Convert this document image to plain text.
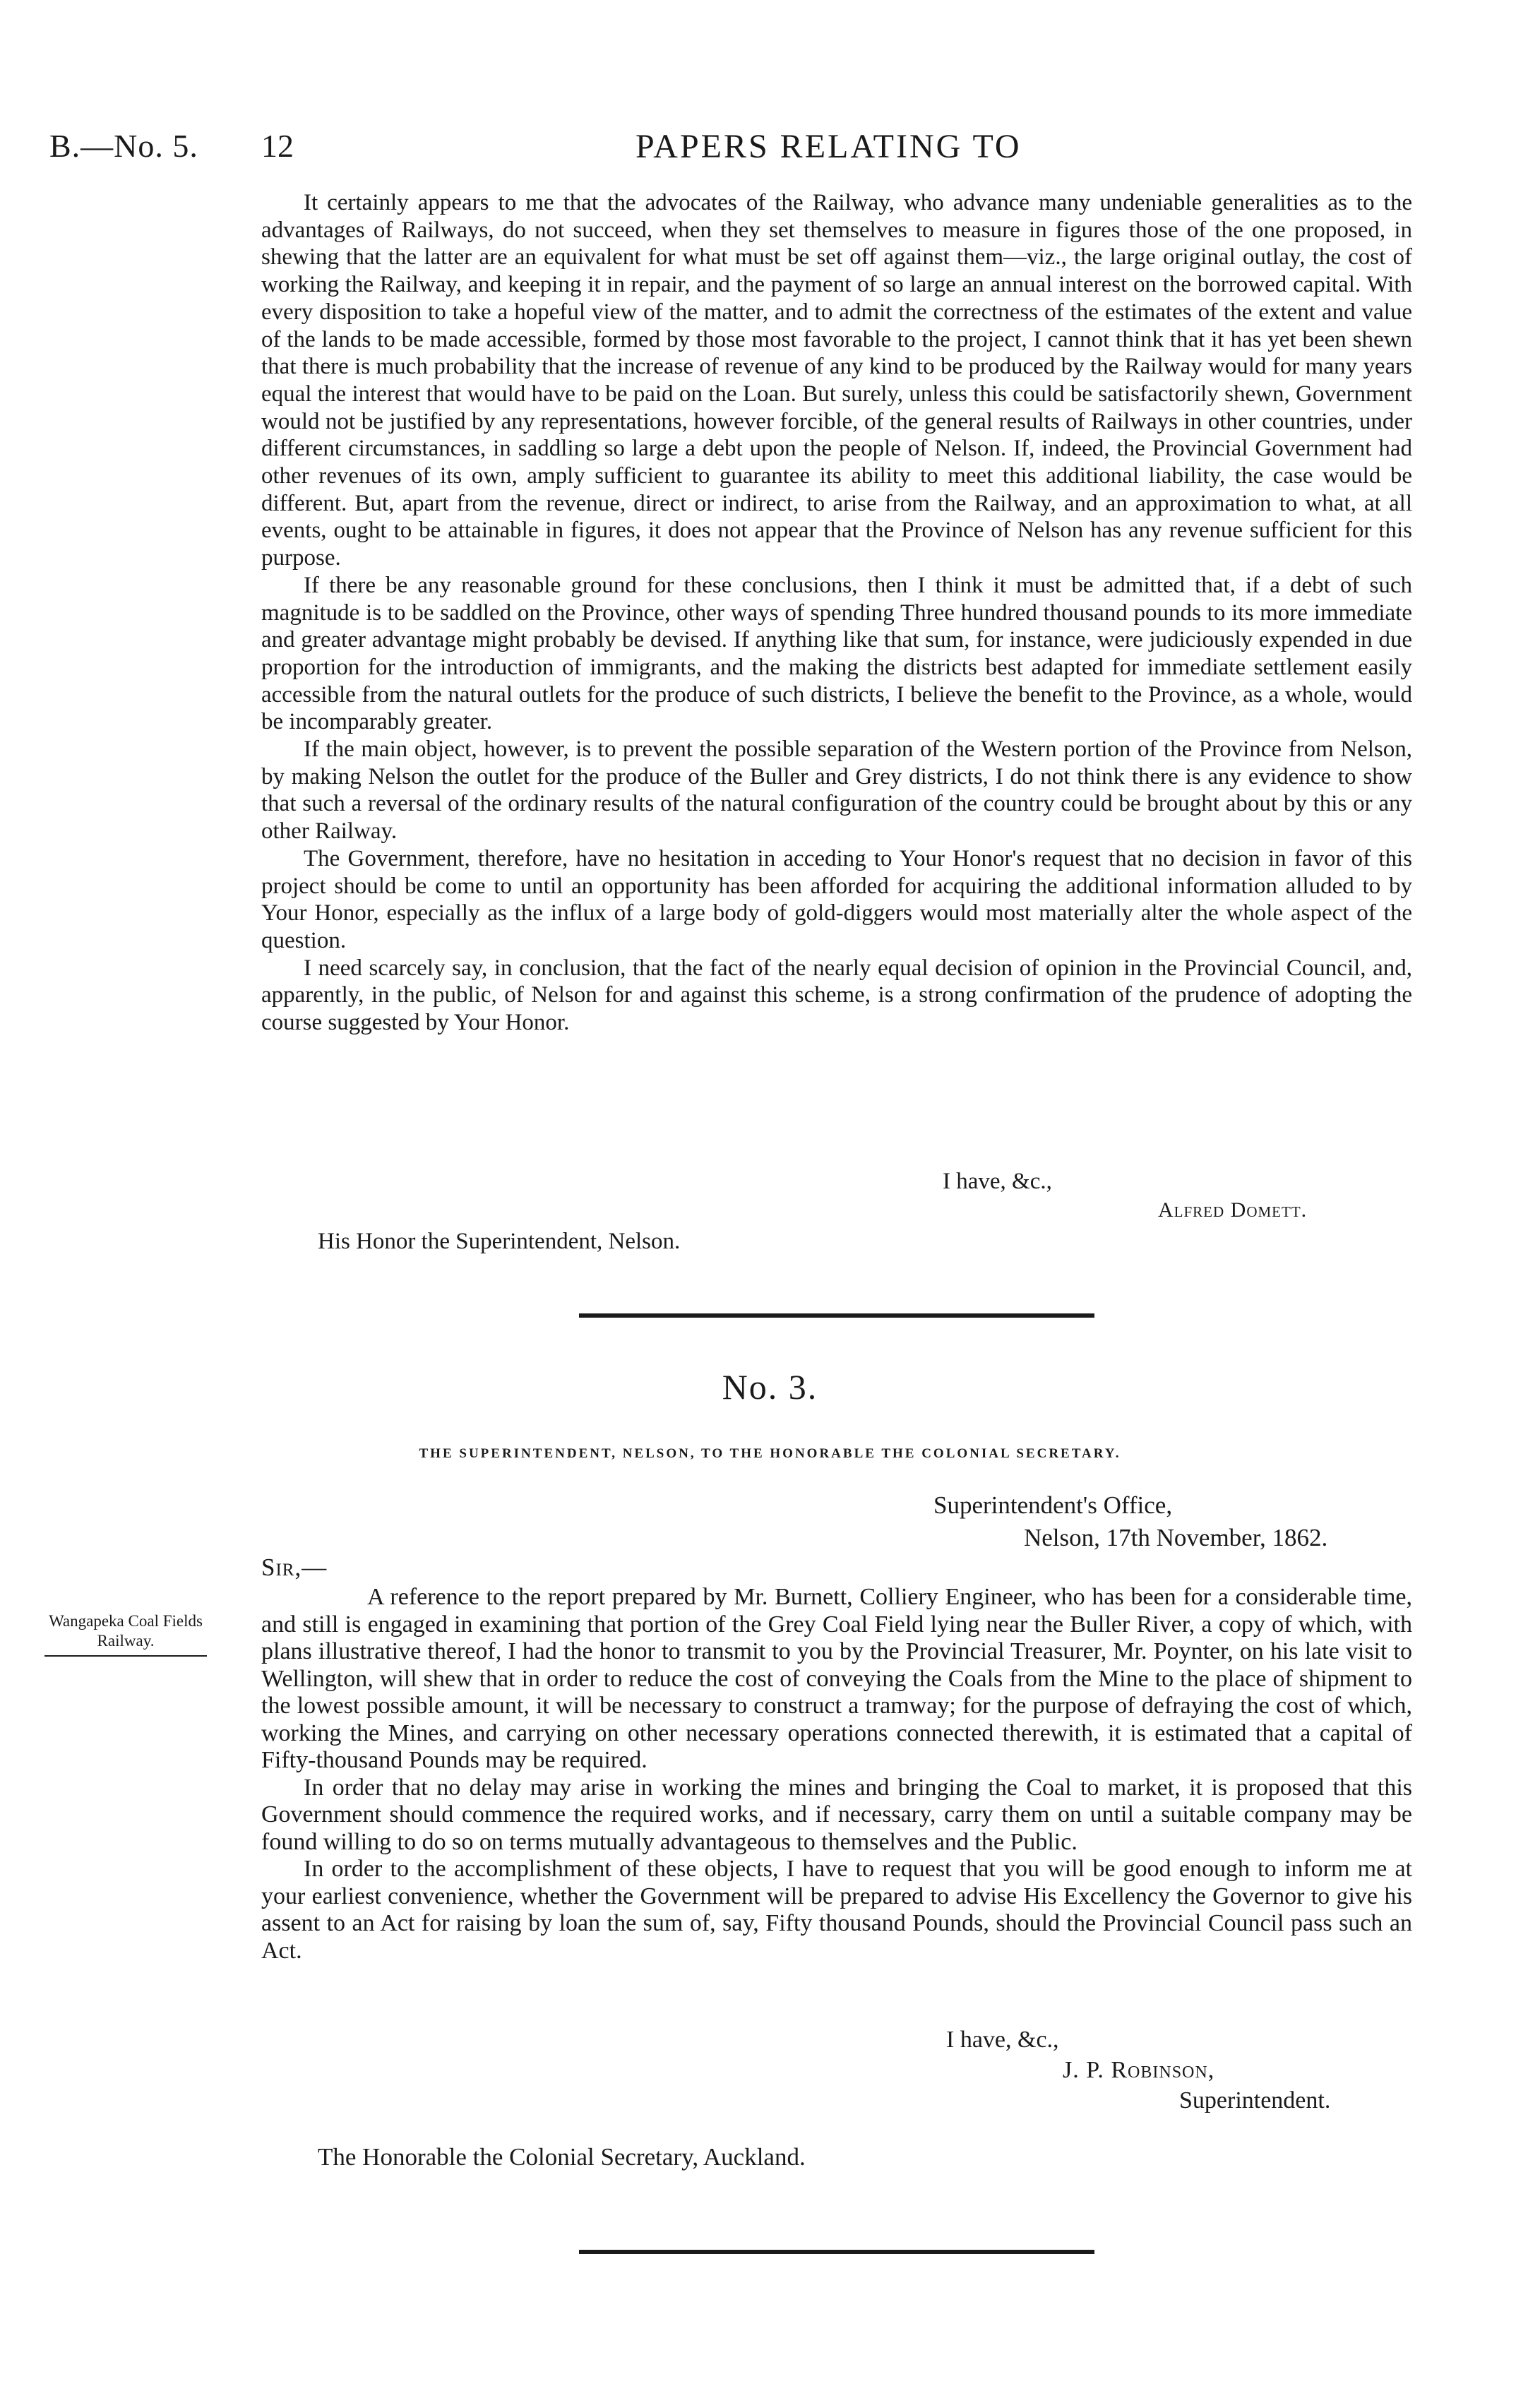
B.—No. 5. 12	PAPERS RELATING TO

It certainly appears to me that the advocates of the Railway, who advance many undeniable generalities as to the advantages of Railways, do not succeed, when they set themselves to measure in figures those of the one proposed, in shewing that the latter are an equivalent for what must be set off against them—viz., the large original outlay, the cost of working the Railway, and keeping it in repair, and the payment of so large an annual interest on the borrowed capital. With every disposition to take a hopeful view of the matter, and to admit the correctness of the estimates of the extent and value of the lands to be made accessible, formed by those most favorable to the project, I cannot think that it has yet been shewn that there is much probability that the increase of revenue of any kind to be produced by the Railway would for many years equal the interest that would have to be paid on the Loan. But surely, unless this could be satisfactorily shewn, Government would not be justified by any representations, however forcible, of the general results of Railways in other countries, under different circumstances, in saddling so large a debt upon the people of Nelson. If, indeed, the Provincial Government had other revenues of its own, amply sufficient to guarantee its ability to meet this additional liability, the case would be different. But, apart from the revenue, direct or indirect, to arise from the Railway, and an approximation to what, at all events, ought to be attainable in figures, it does not appear that the Province of Nelson has any revenue sufficient for this purpose.

If there be any reasonable ground for these conclusions, then I think it must be admitted that, if a debt of such magnitude is to be saddled on the Province, other ways of spending Three hundred thousand pounds to its more immediate and greater advantage might probably be devised. If anything like that sum, for instance, were judiciously expended in due proportion for the introduction of immigrants, and the making the districts best adapted for immediate settlement easily accessible from the natural outlets for the produce of such districts, I believe the benefit to the Province, as a whole, would be incomparably greater.

If the main object, however, is to prevent the possible separation of the Western portion of the Province from Nelson, by making Nelson the outlet for the produce of the Buller and Grey districts, I do not think there is any evidence to show that such a reversal of the ordinary results of the natural configuration of the country could be brought about by this or any other Railway.

The Government, therefore, have no hesitation in acceding to Your Honor's request that no decision in favor of this project should be come to until an opportunity has been afforded for acquiring the additional information alluded to by Your Honor, especially as the influx of a large body of gold-diggers would most materially alter the whole aspect of the question.

I need scarcely say, in conclusion, that the fact of the nearly equal decision of opinion in the Provincial Council, and, apparently, in the public, of Nelson for and against this scheme, is a strong confirmation of the prudence of adopting the course suggested by Your Honor.

I have, &c.,
Alfred Domett.
His Honor the Superintendent, Nelson.
No. 3.
THE SUPERINTENDENT, NELSON, TO THE HONORABLE THE COLONIAL SECRETARY.
Superintendent's Office,
Nelson, 17th November, 1862.
Sir,—
Wangapeka Coal Fields Railway.

A reference to the report prepared by Mr. Burnett, Colliery Engineer, who has been for a considerable time, and still is engaged in examining that portion of the Grey Coal Field lying near the Buller River, a copy of which, with plans illustrative thereof, I had the honor to transmit to you by the Provincial Treasurer, Mr. Poynter, on his late visit to Wellington, will shew that in order to reduce the cost of conveying the Coals from the Mine to the place of shipment to the lowest possible amount, it will be necessary to construct a tramway; for the purpose of defraying the cost of which, working the Mines, and carrying on other necessary operations connected therewith, it is estimated that a capital of Fifty-thousand Pounds may be required.

In order that no delay may arise in working the mines and bringing the Coal to market, it is proposed that this Government should commence the required works, and if necessary, carry them on until a suitable company may be found willing to do so on terms mutually advantageous to themselves and the Public.

In order to the accomplishment of these objects, I have to request that you will be good enough to inform me at your earliest convenience, whether the Government will be prepared to advise His Excellency the Governor to give his assent to an Act for raising by loan the sum of, say, Fifty thousand Pounds, should the Provincial Council pass such an Act.

I have, &c.,
J. P. Robinson,
Superintendent.
The Honorable the Colonial Secretary, Auckland.
